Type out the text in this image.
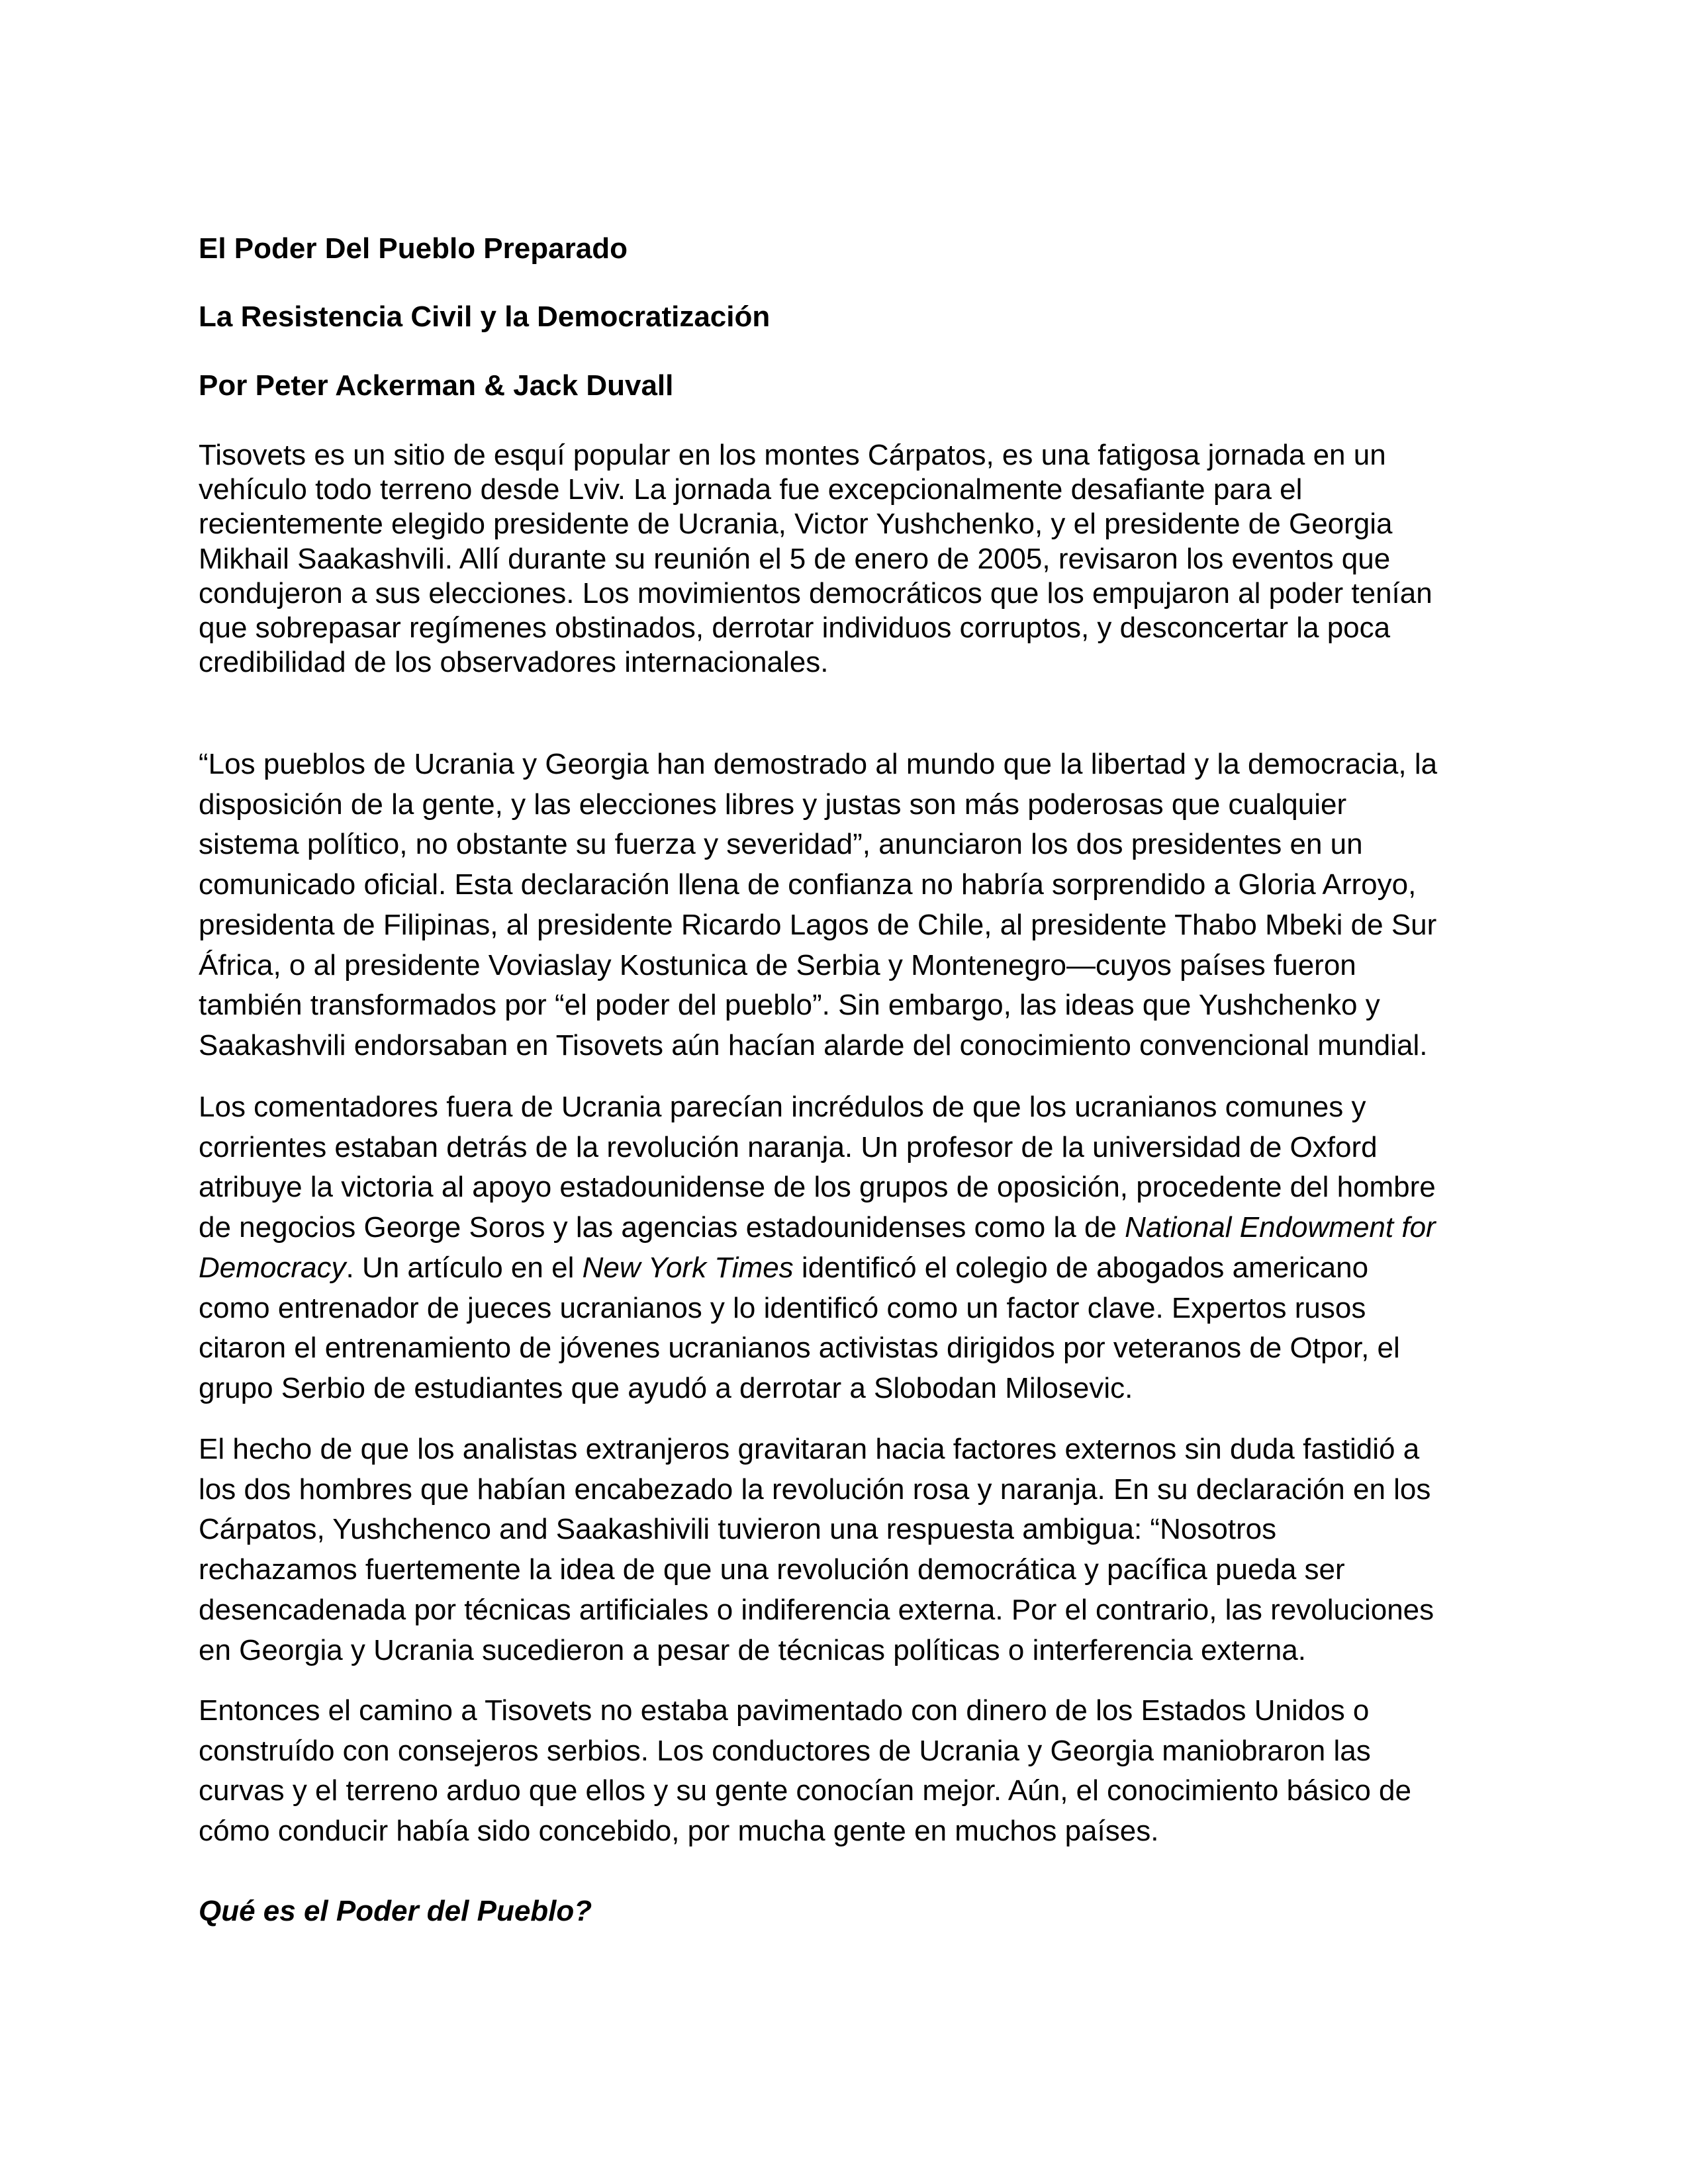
El Poder Del Pueblo Preparado
La Resistencia Civil y la Democratización
Por Peter Ackerman & Jack Duvall
Tisovets es un sitio de esquí popular en los montes Cárpatos, es una fatigosa jornada en un
vehículo todo terreno desde Lviv. La jornada fue excepcionalmente desafiante para el
recientemente elegido presidente de Ucrania, Victor Yushchenko, y el presidente de Georgia
Mikhail Saakashvili. Allí durante su reunión el 5 de enero de 2005, revisaron los eventos que
condujeron a sus elecciones. Los movimientos democráticos que los empujaron al poder tenían
que sobrepasar regímenes obstinados, derrotar individuos corruptos, y desconcertar la poca
credibilidad de los observadores internacionales.
“Los pueblos de Ucrania y Georgia han demostrado al mundo que la libertad y la democracia, la
disposición de la gente, y las elecciones libres y justas son más poderosas que cualquier
sistema político, no obstante su fuerza y severidad”, anunciaron los dos presidentes en un
comunicado oficial. Esta declaración llena de confianza no habría sorprendido a Gloria Arroyo,
presidenta de Filipinas, al presidente Ricardo Lagos de Chile, al presidente Thabo Mbeki de Sur
África, o al presidente Voviaslay Kostunica de Serbia y Montenegro—cuyos países fueron
también transformados por “el poder del pueblo”. Sin embargo, las ideas que Yushchenko y
Saakashvili endorsaban en Tisovets aún hacían alarde del conocimiento convencional mundial.
Los comentadores fuera de Ucrania parecían incrédulos de que los ucranianos comunes y
corrientes estaban detrás de la revolución naranja. Un profesor de la universidad de Oxford
atribuye la victoria al apoyo estadounidense de los grupos de oposición, procedente del hombre
de negocios George Soros y las agencias estadounidenses como la de National Endowment for
Democracy. Un artículo en el New York Times identificó el colegio de abogados americano
como entrenador de jueces ucranianos y lo identificó como un factor clave. Expertos rusos
citaron el entrenamiento de jóvenes ucranianos activistas dirigidos por veteranos de Otpor, el
grupo Serbio de estudiantes que ayudó a derrotar a Slobodan Milosevic.
El hecho de que los analistas extranjeros gravitaran hacia factores externos sin duda fastidió a
los dos hombres que habían encabezado la revolución rosa y naranja. En su declaración en los
Cárpatos, Yushchenco and Saakashivili tuvieron una respuesta ambigua: “Nosotros
rechazamos fuertemente la idea de que una revolución democrática y pacífica pueda ser
desencadenada por técnicas artificiales o indiferencia externa. Por el contrario, las revoluciones
en Georgia y Ucrania sucedieron a pesar de técnicas políticas o interferencia externa.
Entonces el camino a Tisovets no estaba pavimentado con dinero de los Estados Unidos o
construído con consejeros serbios. Los conductores de Ucrania y Georgia maniobraron las
curvas y el terreno arduo que ellos y su gente conocían mejor. Aún, el conocimiento básico de
cómo conducir había sido concebido, por mucha gente en muchos países.
Qué es el Poder del Pueblo?
